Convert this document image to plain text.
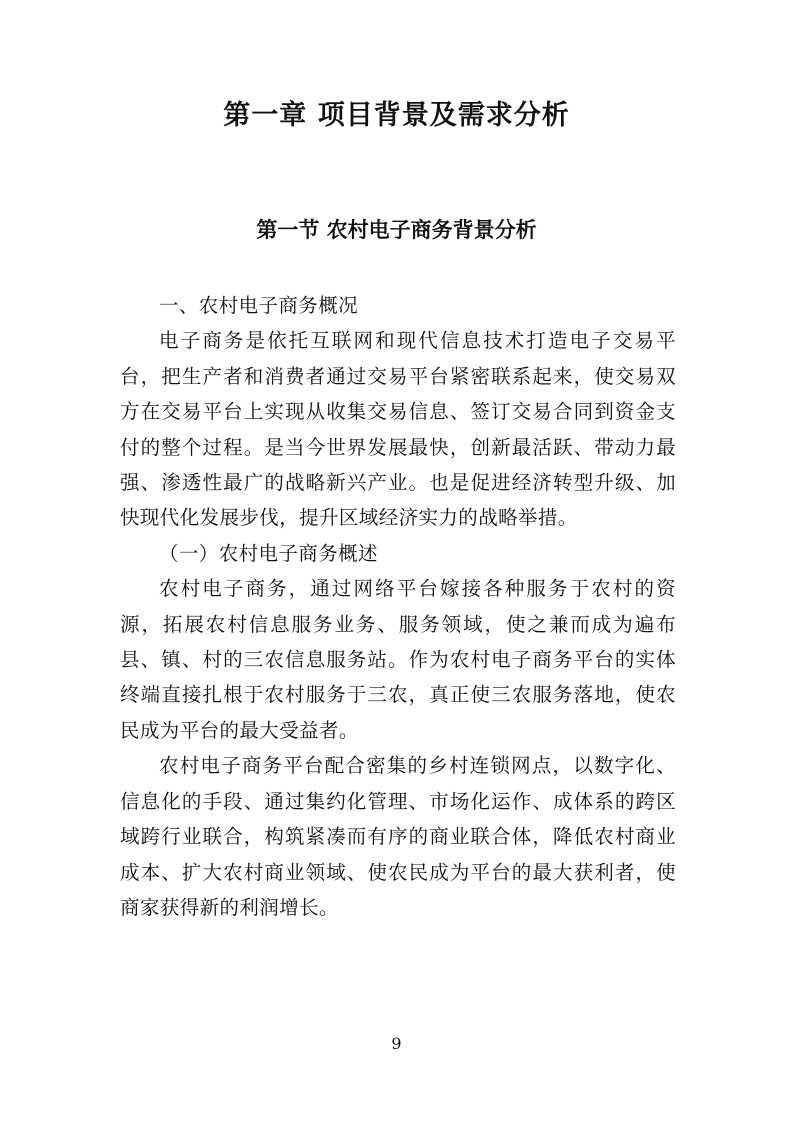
第一章 项目背景及需求分析
第一节 农村电子商务背景分析

一、农村电子商务概况

电子商务是依托互联网和现代信息技术打造电子交易平台，把生产者和消费者通过交易平台紧密联系起来，使交易双方在交易平台上实现从收集交易信息、签订交易合同到资金支付的整个过程。是当今世界发展最快，创新最活跃、带动力最强、渗透性最广的战略新兴产业。也是促进经济转型升级、加快现代化发展步伐，提升区域经济实力的战略举措。

（一）农村电子商务概述

农村电子商务，通过网络平台嫁接各种服务于农村的资源，拓展农村信息服务业务、服务领域，使之兼而成为遍布县、镇、村的三农信息服务站。作为农村电子商务平台的实体终端直接扎根于农村服务于三农，真正使三农服务落地，使农民成为平台的最大受益者。

农村电子商务平台配合密集的乡村连锁网点，以数字化、信息化的手段、通过集约化管理、市场化运作、成体系的跨区域跨行业联合，构筑紧凑而有序的商业联合体，降低农村商业成本、扩大农村商业领域、使农民成为平台的最大获利者，使商家获得新的利润增长。

9
